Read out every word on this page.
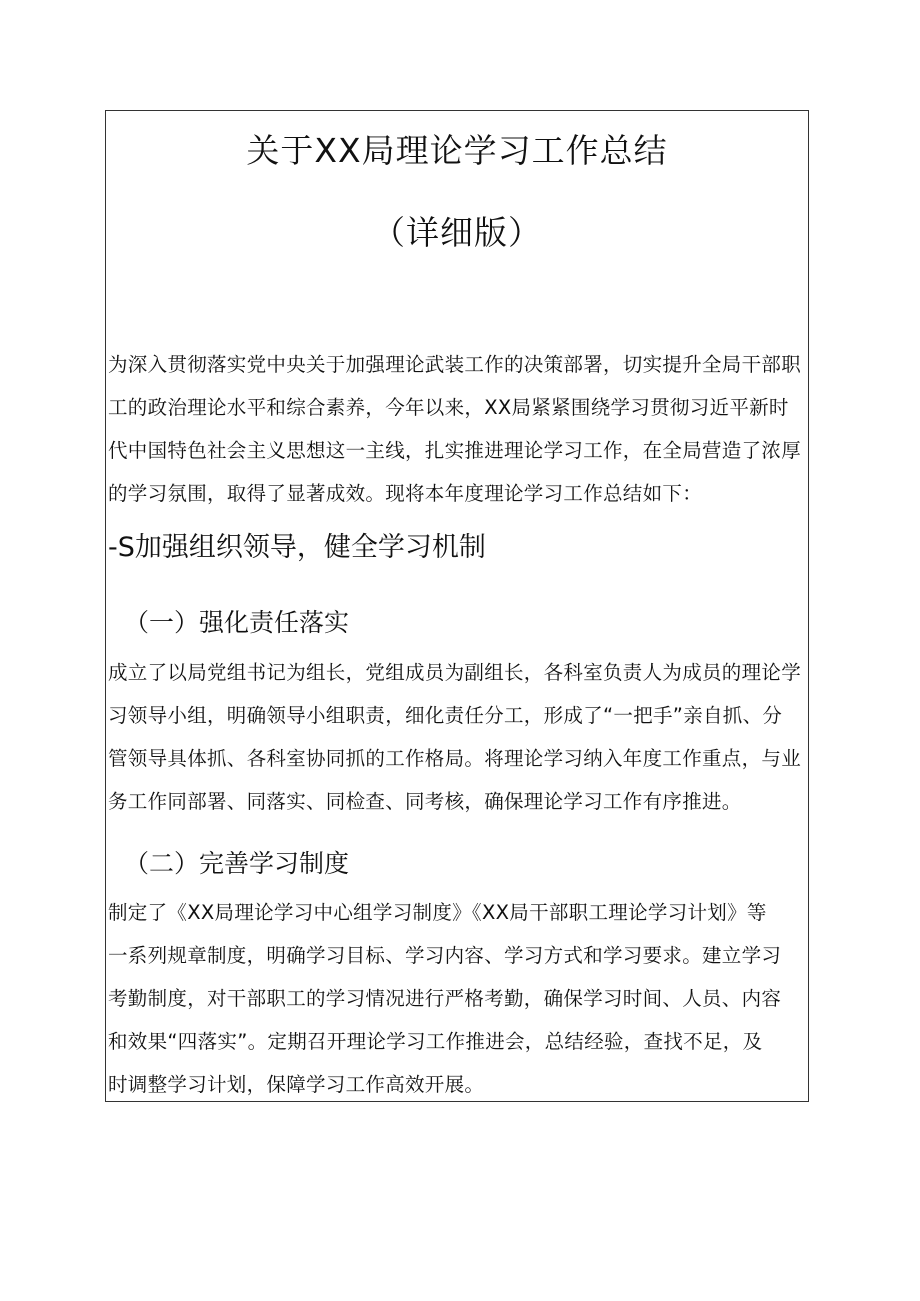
关于XX局理论学习工作总结
（详细版）
为深入贯彻落实党中央关于加强理论武装工作的决策部署，切实提升全局干部职
工的政治理论水平和综合素养，今年以来，XX局紧紧围绕学习贯彻习近平新时
代中国特色社会主义思想这一主线，扎实推进理论学习工作，在全局营造了浓厚
的学习氛围，取得了显著成效。现将本年度理论学习工作总结如下：
-S加强组织领导，健全学习机制
（一）强化责任落实
成立了以局党组书记为组长，党组成员为副组长，各科室负责人为成员的理论学
习领导小组，明确领导小组职责，细化责任分工，形成了“一把手”亲自抓、分
管领导具体抓、各科室协同抓的工作格局。将理论学习纳入年度工作重点，与业
务工作同部署、同落实、同检查、同考核，确保理论学习工作有序推进。
（二）完善学习制度
制定了《XX局理论学习中心组学习制度》《XX局干部职工理论学习计划》等
一系列规章制度，明确学习目标、学习内容、学习方式和学习要求。建立学习
考勤制度，对干部职工的学习情况进行严格考勤，确保学习时间、人员、内容
和效果“四落实”。定期召开理论学习工作推进会，总结经验，查找不足，及
时调整学习计划，保障学习工作高效开展。
